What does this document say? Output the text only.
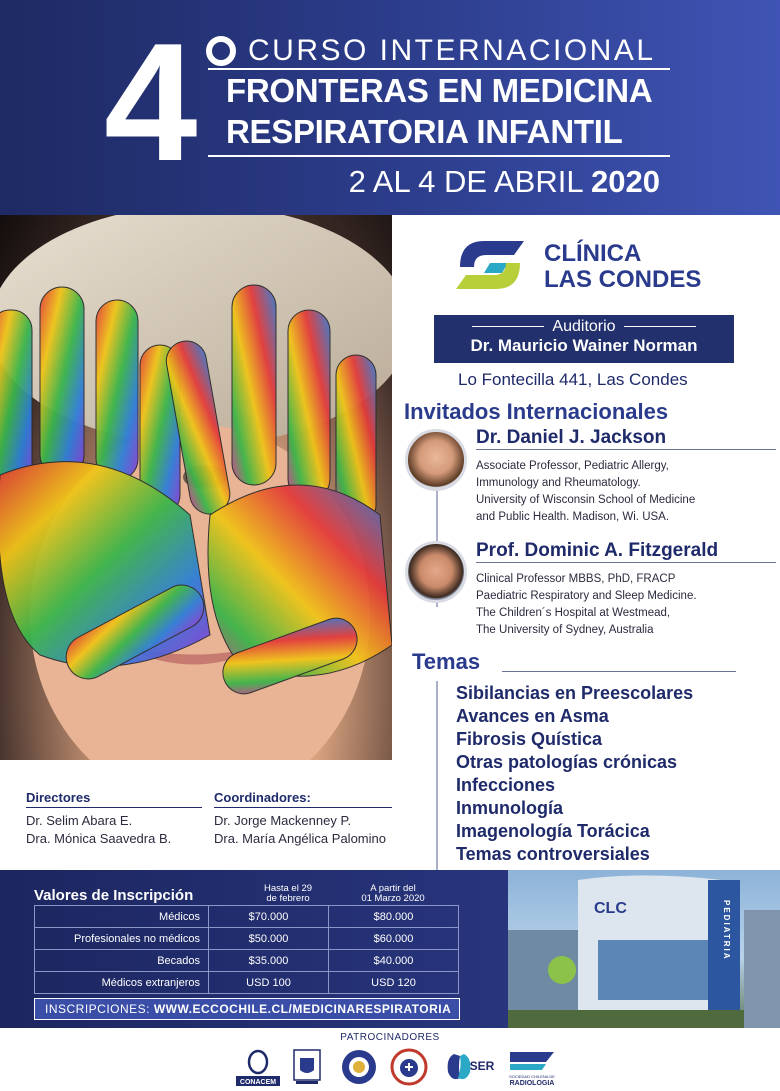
4 CURSO INTERNACIONAL
FRONTERAS EN MEDICINA
RESPIRATORIA INFANTIL
2 AL 4 DE ABRIL 2020
CLÍNICA
LAS CONDES
Auditorio
Dr. Mauricio Wainer Norman
Lo Fontecilla 441, Las Condes
Invitados Internacionales
Dr. Daniel J. Jackson
Associate Professor, Pediatric Allergy,
Immunology and Rheumatology.
University of Wisconsin School of Medicine
and Public Health. Madison, Wi. USA.
Prof. Dominic A. Fitzgerald
Clinical Professor MBBS, PhD, FRACP
Paediatric Respiratory and Sleep Medicine.
The Children´s Hospital at Westmead,
The University of Sydney, Australia
Temas
Sibilancias en Preescolares
Avances en Asma
Fibrosis Quística
Otras patologías crónicas
Infecciones
Inmunología
Imagenología Torácica
Temas controversiales
Directores
Dr. Selim Abara E.
Dra. Mónica Saavedra B.
Coordinadores:
Dr. Jorge Mackenney P.
Dra. María Angélica Palomino
Valores de Inscripción	Hasta el 29
de febrero
A partir del
01 Marzo 2020
Médicos	$70.000	$80.000
Profesionales no médicos	$50.000	$60.000
Becados	$35.000	$40.000
Médicos extranjeros	USD 100	USD 120
INSCRIPCIONES: WWW.ECCOCHILE.CL/MEDICINARESPIRATORIA
CLC	PEDIATRIA
PATROCINADORES
CONACEM
SER
SOCIEDAD CHILENA DE
RADIOLOGIA
